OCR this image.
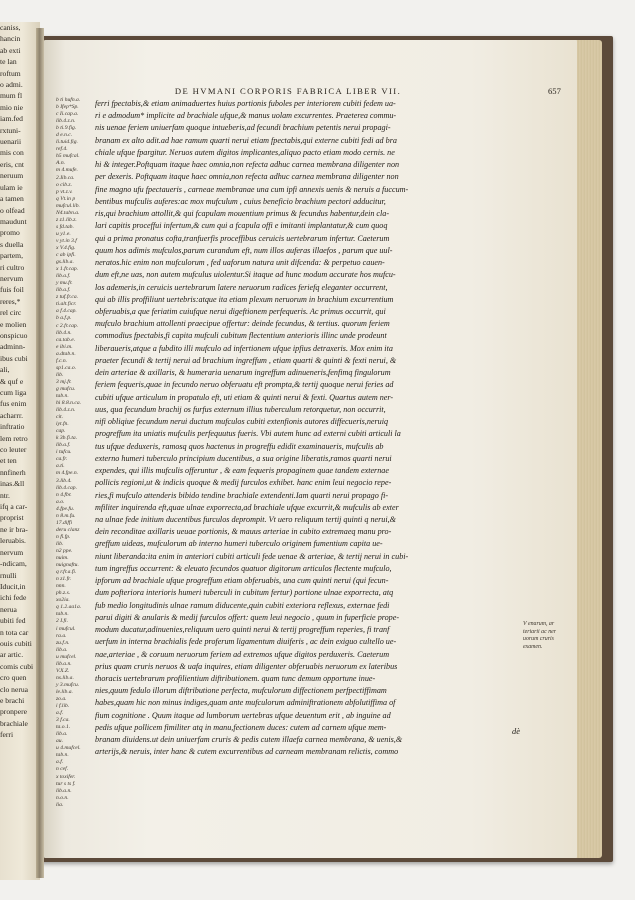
caniss,
hancin
ab exti
te lan
roftum
o admi.
mum fl
mio nie
iam.fed
rxtuni-
uenarii
mis con
eris, cnt
neruum
ulam ie
a tamen
o olfead
maudunt
promo
s duella
partem,
ri cultro
nervum
fuis foil
reres,*
rel circ
e molien
onspicuo
adminn-
ibus cubi
ali,
& quf e
cum liga
fus enim
acharrr.
inftratio
lem retro
co leuter
et ten
nnfinerh
inas.&ll
ntr.
ifq a car-
proprist
ne ir bra-
leruabis.
nervum
-ndicam,
rnulli
Iducit,in
ichi fede
nerua
ubiti fed
n tota car
ouis cubiti
ar artic.
comis cubi
cro quen
clo nerua
e brachi
pronpere
brachiale
ferri
DE HVMANI CORPORIS FABRICA LIBER VII.	657
b ti hufn.a.
b Ifep*Sp.
c Ii.cap.a.
lib.4.z.n.
b ti.9.fig.
d e.n.c.
li.tuid.fig.
ref.4.
h5 mufcal.
A.n.
m 4.mufe.
2.Iib.ca.
o cib.z.
p vt.z.v.
q Vt.in p
mufcul.lib.
N4.tabn.a.
z z1.lib.z.
s fd.tab.
u y1.e.
v yt.in 3.f
x V.4.fig.
c ab ipfi.
gs.lib.a.
x 1.fr.cap.
lib.a.f.
y mu.fr.
lib.a.f.
z tuf.fr.ca.
ti.alt.ficr.
a f.4.cap.
b a.f.p.
c 2.fr.cap.
lib.4.n.
ca.tab.e.
e ibi.m.
a.dtab.n.
f.c.n.
sp1.ca.o.
lib.
3 mj.fr.
g mufcu.
tab.n.
hi 8.8.n.ca.
lib.4.z.n.
cit.
iyt.fn.
cap.
k 3b.fi.ta.
lib.a.f.
i tufcu.
ca.fr.
a.ti.
m 4.fpe.n.
3.lib.4.
lib.4.cap.
n 4.fbr.
a.o.
4.fpe.fu.
n 8.m.fu.
17.diffi
deru clanz
n fi.fp.
lib.
n2 ppe.
nuim.
nuignaftu.
q r.fr.a.fi.
n z1.fr.
nnn.
ph.z.s.
xo2ia.
q 1.2.aa1a.
tab.n.
2 I.fi.
i mufcul.
ra.a.
zu.f.n.
lib.a.
u mufcel.
lib.a.n.
V.X.Z.
ns.lib.a.
y 3.mufcu.
le.lib.a.
zo.a.
i f.lib.
a.f.
3 f.ca.
ta.o.1.
lib.a.
au.
u 4.mufcel.
tab.n.
a.f.
n cef.
x toxifer.
tur s ts f.
lib.a.n.
n.o.n.
lia.
ferri fpectabis,& etiam animaduertes huius portionis fuboles per interiorem cubiti fedem ua-
ri e admodum* implicite ad brachiale ufque,& manus uolam excurrentes. Praeterea commu-
nis uenae feriem uniuerfam quoque intueberis,ad fecundi brachium petentis nerui propagi-
branam ex alto adit.ad hae ramum quarti nerui etiam fpectabis,qui externe cubiti fedi ad bra
chiale ufque fpargitur. Neruos autem digitos implicantes,aliquo pacto etiam modo cernis. ne
hi & integer.Poftquam itaque haec omnia,non refecta adhuc carnea membrana diligenter non
per dexeris. Poftquam itaque haec omnia,non refecta adhuc carnea membrana diligenter non
fine magno ufu fpectaueris , carneae membranae una cum ipfi annexis uenis & neruis a fuccum-
bentibus mufculis auferes:ac mox mufculum , cuius beneficio brachium pectori adducitur,
ris,qui brachium attollit,& qui fcapulam mouentium primus & fecundus habentur,dein cla-
lari capitis proceffui infertum,& cum qui a fcapula offi e imitanti implantatur,& cum quoq
qui a prima pronatus cofta,tranfuerfis proceffibus ceruicis uertebrarum infertur. Caeterum
quum hos adimis mufculos,parum curandum eft, num illos auferas illaefos , parum que uul-
neratos.hic enim non mufculorum , fed uaforum natura unit difcenda: & perpetuo cauen-
dum eft,ne uas, non autem mufculus uiolentur.Si itaque ad hunc modum accurate hos mufcu-
los ademeris,in ceruicis uertebrarum latere neruorum radices feriefq eleganter occurrent,
qui ab illis proffiliunt uertebris:atque ita etiam plexum neruorum in brachium excurrentium
obferuabis,a que feriatim cuiufque nerui digeftionem perfequeris. Ac primus occurrit, qui
mufculo brachium attollenti praecipue offertur: deinde fecundus, & tertius. quorum feriem
commodius fpectabis,fi capita mufculi cubitum flectentium anterioris illinc unde prodeunt
liberaueris,atque a fubdito illi mufculo ad infertionem ufque ipfius detraxeris. Mox enim ita
praeter fecundi & tertij nerui ad brachium ingreffum , etiam quarti & quinti & fexti nerui, &
dein arteriae & axillaris, & humeraria uenarum ingreffum adinueneris,fenfimq fingulorum
feriem fequeris,quae in fecundo neruo obferuatu eft prompta,& tertij quoque nerui feries ad
cubiti ufque articulum in propatulo eft, uti etiam & quinti nerui & fexti. Quartus autem ner-
uus, qua fecundum brachij os furfus externum illius tuberculum retorquetur, non occurrit,
nifi obliqiue fecundum nerui ductum mufculos cubiti extenfionis autores diffecueris,neruiq
progreffum ita uniatis mufculis perfequutus fueris. Vbi autem hunc ad externi cubiti articuli la
tus ufque deduxeris, ramosq quos hactenus in progreffu edidit examinaueris, mufculis ab
externo humeri tuberculo principium ducentibus, a sua origine liberatis,ramos quarti nerui
expendes, qui illis mufculis offeruntur , & eam fequeris propaginem quae tandem externae
pollicis regioni,ut & indicis quoque & medij furculos exhibet. hanc enim leui negocio repe-
ries,fi mufculo attenderis bibido tendine brachiale extendenti.Iam quarti nerui propago fi-
mfiliter inquirenda eft,quae ulnae exporrecta,ad brachiale ufque excurrit,& mufculis ab exter
na ulnae fede initium ducentibus furculos deprompit. Vt uero reliquum tertij quinti q nerui,&
dein reconditae axillaris ueuae portionis, & mauus arteriae in cubito extremaeq manu pro-
greffum uideas, mufculorum ab interno humeri tuberculo originem fumentium capita ue-
niunt liberanda:ita enim in anteriori cubiti articuli fede uenae & arteriae, & tertij nerui in cubi-
tum ingreffus occurrent: & eleuato fecundos quatuor digitorum articulos flectente mufculo,
ipforum ad brachiale ufque progreffum etiam obferuabis, una cum quinti nerui (qui fecun-
dum pofteriora interioris humeri tuberculi in cubitum fertur) portione ulnae exporrecta, atq
fub medio longitudinis ulnae ramum diducente,quin cubiti exteriora reflexus, externae fedi
parui digiti & anularis & medij furculos offert: quem leui negocio , quum in fuperficie prope-
modum ducatur,adinuenies,reliquum uero quinti nerui & tertij progreffum reperies, fi tranf
uerfum in interna brachialis fede proferum ligamentum diuiferis , ac dein exiguo cultello ue-
nae,arteriae , & coruum neruorum feriem ad extremos ufque digitos perduxeris. Caeterum
prius quam cruris neruos & uafa inquires, etiam diligenter obferuabis neruorum ex lateribus
thoracis uertebrarum profilientium diftributionem. quam tunc demum opportune inue-
nies,quum fedulo illorum diftributione perfecta, mufculorum diffectionem perfpectiffimam
habes,quam hic non minus indiges,quam ante mufculorum adminiftrationem abfolutiffima of
fium cognitione . Quum itaque ad lumborum uertebras ufque deuentum erit , ab inguine ad
pedis ufque pollicem fimiliter atq in manu,fectionem duces: cutem ad carnem ufque mem-
branam diuidens.ut dein uniuerfam cruris & pedis cutem illaefa carnea membrana, & uenis,&
arterijs,& neruis, inter hanc & cutem excurrentibus ad carneam membranam relictis, commo
V enarum, ar
teriarii ac ner
uorum cruris
examen.
dè
